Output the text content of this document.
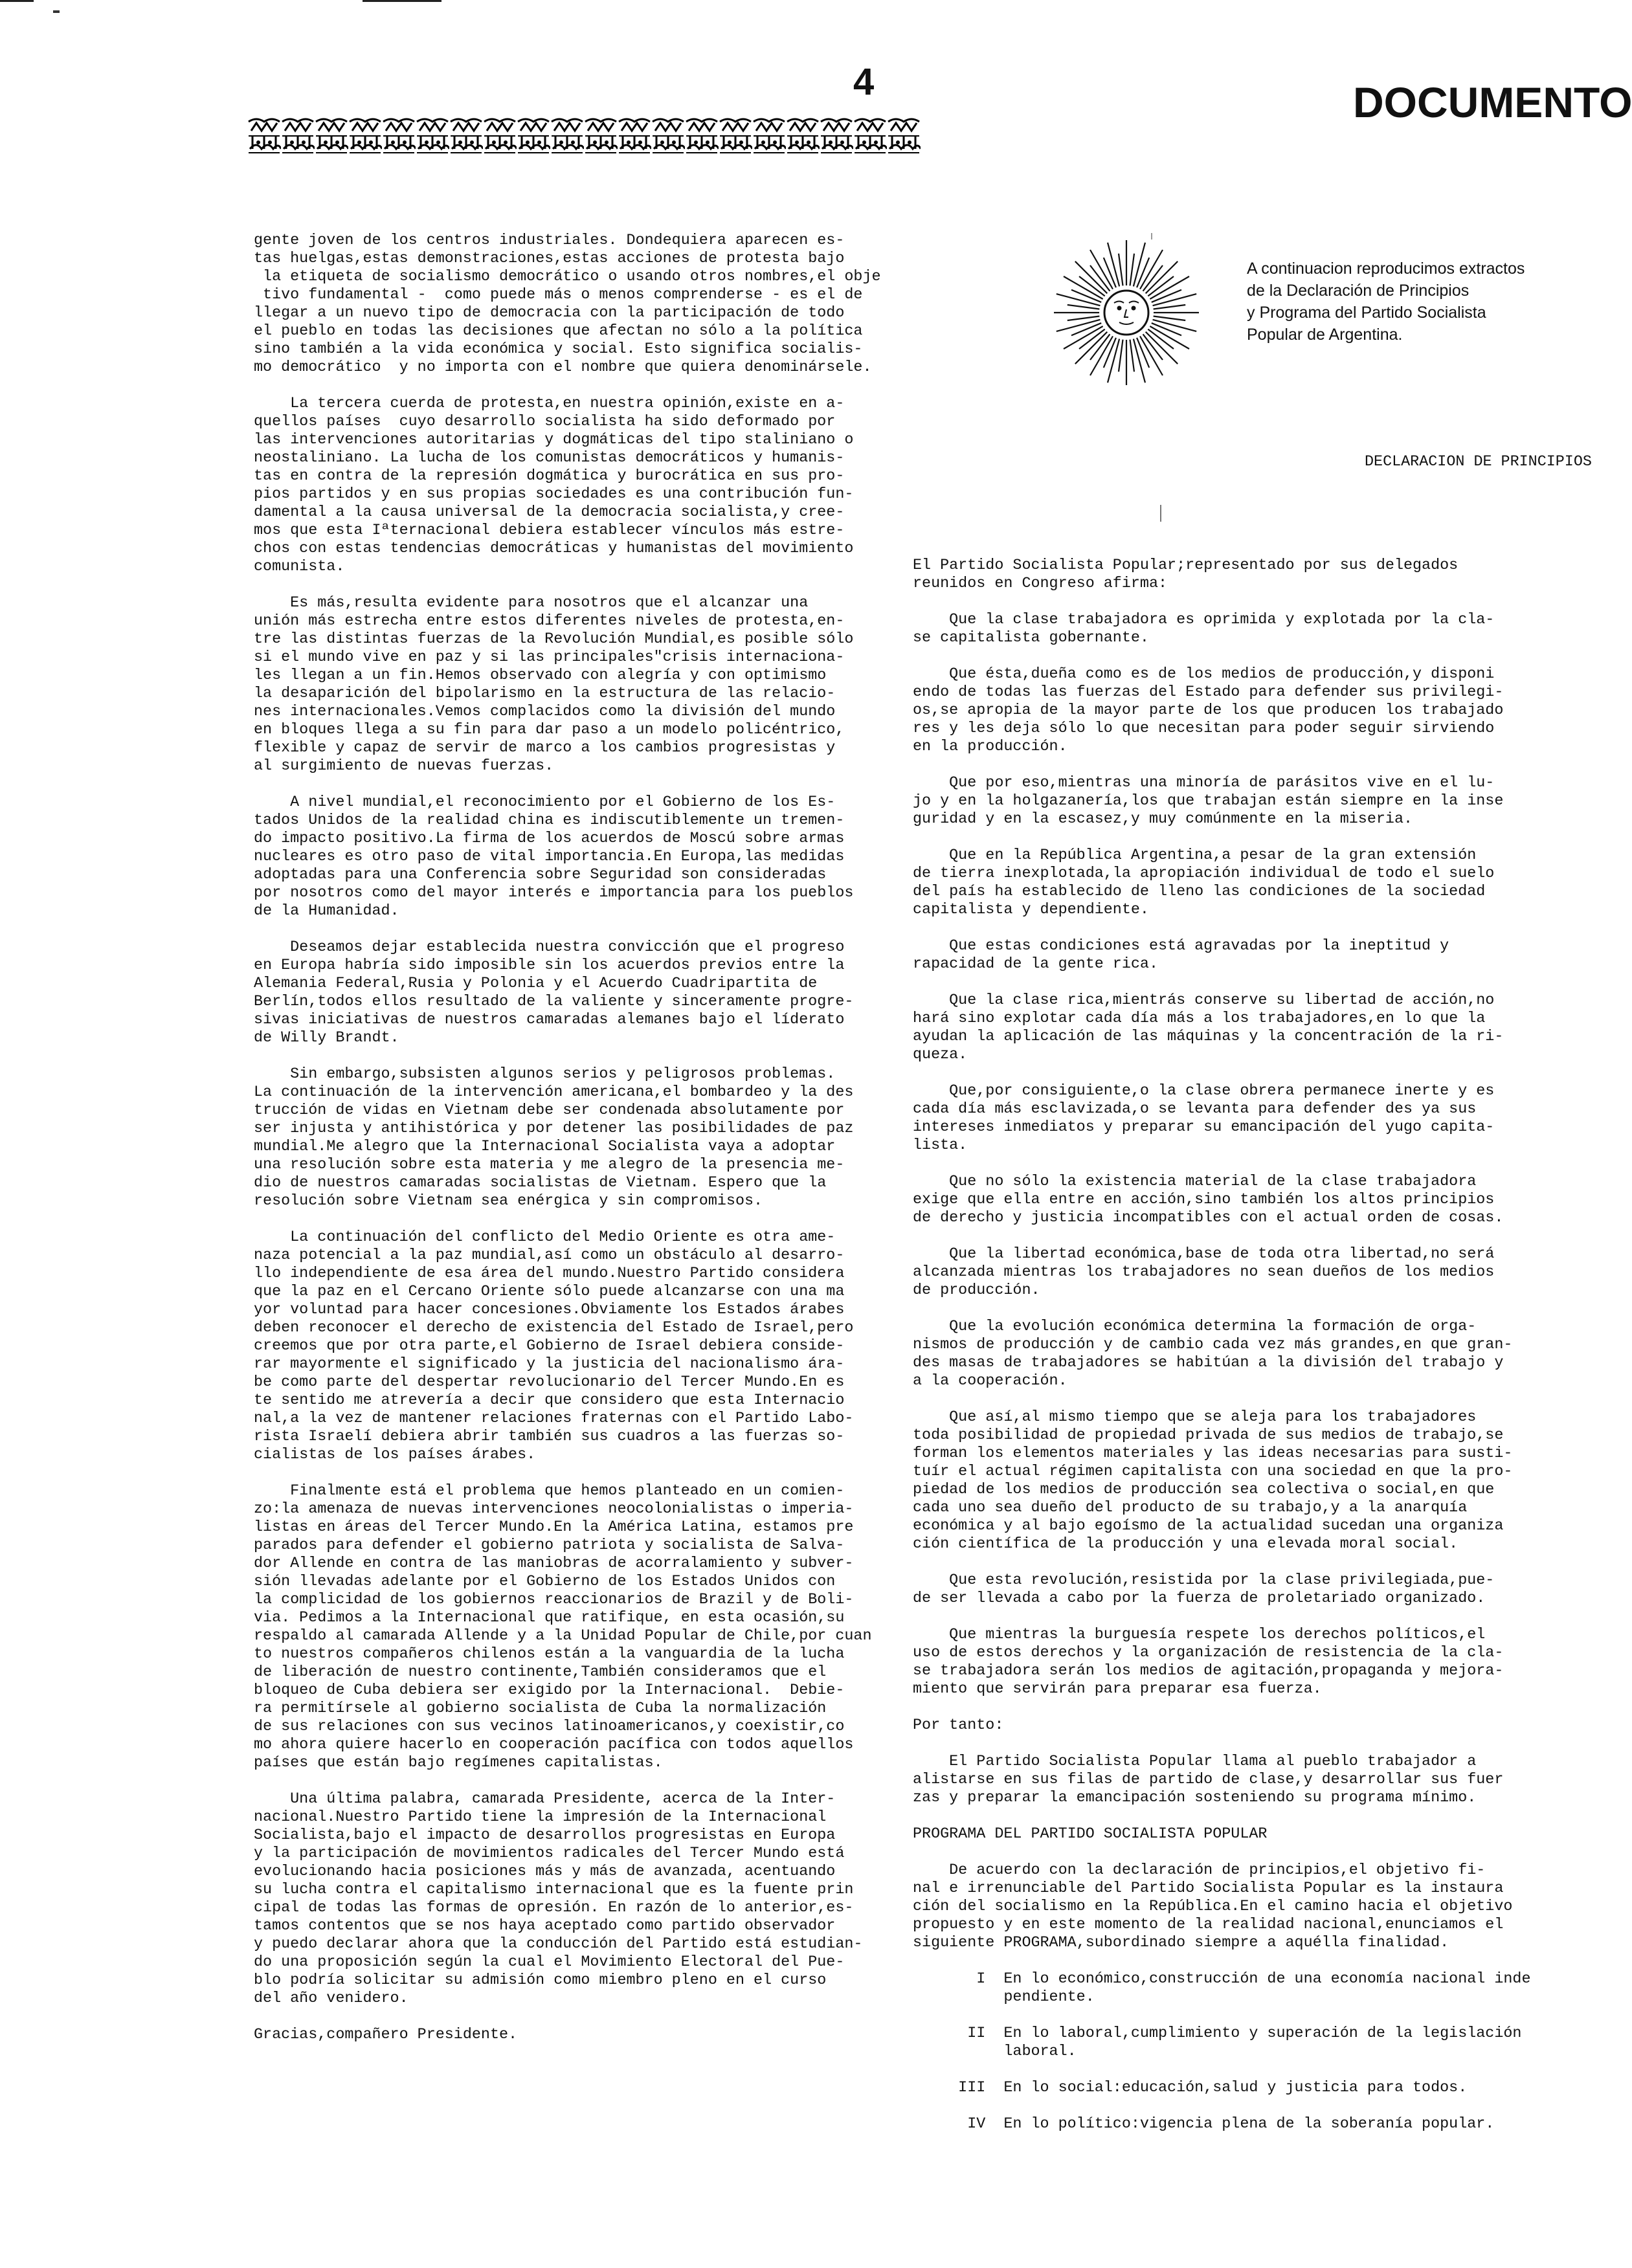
4	DOCUMENTO

gente joven de los centros industriales. Dondequiera aparecen es-
tas huelgas,estas demonstraciones,estas acciones de protesta bajo
la etiqueta de socialismo democrático o usando otros nombres,el obje
tivo fundamental -  como puede más o menos comprenderse - es el de
llegar a un nuevo tipo de democracia con la participación de todo
el pueblo en todas las decisiones que afectan no sólo a la política
sino también a la vida económica y social. Esto significa socialis-
mo democrático  y no importa con el nombre que quiera denominársele.

La tercera cuerda de protesta,en nuestra opinión,existe en a-
quellos países  cuyo desarrollo socialista ha sido deformado por
las intervenciones autoritarias y dogmáticas del tipo staliniano o
neostaliniano. La lucha de los comunistas democráticos y humanis-
tas en contra de la represión dogmática y burocrática en sus pro-
pios partidos y en sus propias sociedades es una contribución fun-
damental a la causa universal de la democracia socialista,y cree-
mos que esta Iªternacional debiera establecer vínculos más estre-
chos con estas tendencias democráticas y humanistas del movimiento
comunista.

Es más,resulta evidente para nosotros que el alcanzar una
unión más estrecha entre estos diferentes niveles de protesta,en-
tre las distintas fuerzas de la Revolución Mundial,es posible sólo
si el mundo vive en paz y si las principales"crisis internaciona-
les llegan a un fin.Hemos observado con alegría y con optimismo
la desaparición del bipolarismo en la estructura de las relacio-
nes internacionales.Vemos complacidos como la división del mundo
en bloques llega a su fin para dar paso a un modelo policéntrico,
flexible y capaz de servir de marco a los cambios progresistas y
al surgimiento de nuevas fuerzas.

A nivel mundial,el reconocimiento por el Gobierno de los Es-
tados Unidos de la realidad china es indiscutiblemente un tremen-
do impacto positivo.La firma de los acuerdos de Moscú sobre armas
nucleares es otro paso de vital importancia.En Europa,las medidas
adoptadas para una Conferencia sobre Seguridad son consideradas
por nosotros como del mayor interés e importancia para los pueblos
de la Humanidad.

Deseamos dejar establecida nuestra convicción que el progreso
en Europa habría sido imposible sin los acuerdos previos entre la
Alemania Federal,Rusia y Polonia y el Acuerdo Cuadripartita de
Berlín,todos ellos resultado de la valiente y sinceramente progre-
sivas iniciativas de nuestros camaradas alemanes bajo el líderato
de Willy Brandt.

Sin embargo,subsisten algunos serios y peligrosos problemas.
La continuación de la intervención americana,el bombardeo y la des
trucción de vidas en Vietnam debe ser condenada absolutamente por
ser injusta y antihistórica y por detener las posibilidades de paz
mundial.Me alegro que la Internacional Socialista vaya a adoptar
una resolución sobre esta materia y me alegro de la presencia me-
dio de nuestros camaradas socialistas de Vietnam. Espero que la
resolución sobre Vietnam sea enérgica y sin compromisos.

La continuación del conflicto del Medio Oriente es otra ame-
naza potencial a la paz mundial,así como un obstáculo al desarro-
llo independiente de esa área del mundo.Nuestro Partido considera
que la paz en el Cercano Oriente sólo puede alcanzarse con una ma
yor voluntad para hacer concesiones.Obviamente los Estados árabes
deben reconocer el derecho de existencia del Estado de Israel,pero
creemos que por otra parte,el Gobierno de Israel debiera conside-
rar mayormente el significado y la justicia del nacionalismo ára-
be como parte del despertar revolucionario del Tercer Mundo.En es
te sentido me atrevería a decir que considero que esta Internacio
nal,a la vez de mantener relaciones fraternas con el Partido Labo-
rista Israelí debiera abrir también sus cuadros a las fuerzas so-
cialistas de los países árabes.

Finalmente está el problema que hemos planteado en un comien-
zo:la amenaza de nuevas intervenciones neocolonialistas o imperia-
listas en áreas del Tercer Mundo.En la América Latina, estamos pre
parados para defender el gobierno patriota y socialista de Salva-
dor Allende en contra de las maniobras de acorralamiento y subver-
sión llevadas adelante por el Gobierno de los Estados Unidos con
la complicidad de los gobiernos reaccionarios de Brazil y de Boli-
via. Pedimos a la Internacional que ratifique, en esta ocasión,su
respaldo al camarada Allende y a la Unidad Popular de Chile,por cuan
to nuestros compañeros chilenos están a la vanguardia de la lucha
de liberación de nuestro continente,También consideramos que el
bloqueo de Cuba debiera ser exigido por la Internacional.  Debie-
ra permitírsele al gobierno socialista de Cuba la normalización
de sus relaciones con sus vecinos latinoamericanos,y coexistir,co
mo ahora quiere hacerlo en cooperación pacífica con todos aquellos
países que están bajo regímenes capitalistas.

Una última palabra, camarada Presidente, acerca de la Inter-
nacional.Nuestro Partido tiene la impresión de la Internacional
Socialista,bajo el impacto de desarrollos progresistas en Europa
y la participación de movimientos radicales del Tercer Mundo está
evolucionando hacia posiciones más y más de avanzada, acentuando
su lucha contra el capitalismo internacional que es la fuente prin
cipal de todas las formas de opresión. En razón de lo anterior,es-
tamos contentos que se nos haya aceptado como partido observador
y puedo declarar ahora que la conducción del Partido está estudian-
do una proposición según la cual el Movimiento Electoral del Pue-
blo podría solicitar su admisión como miembro pleno en el curso
del año venidero.

Gracias,compañero Presidente.

A continuacion reproducimos extractos
de la Declaración de Principios
y Programa del Partido Socialista
Popular de Argentina.
DECLARACION DE PRINCIPIOS

El Partido Socialista Popular;representado por sus delegados
reunidos en Congreso afirma:

Que la clase trabajadora es oprimida y explotada por la cla-
se capitalista gobernante.

Que ésta,dueña como es de los medios de producción,y disponi
endo de todas las fuerzas del Estado para defender sus privilegi-
os,se apropia de la mayor parte de los que producen los trabajado
res y les deja sólo lo que necesitan para poder seguir sirviendo
en la producción.

Que por eso,mientras una minoría de parásitos vive en el lu-
jo y en la holgazanería,los que trabajan están siempre en la inse
guridad y en la escasez,y muy comúnmente en la miseria.

Que en la República Argentina,a pesar de la gran extensión
de tierra inexplotada,la apropiación individual de todo el suelo
del país ha establecido de lleno las condiciones de la sociedad
capitalista y dependiente.

Que estas condiciones está agravadas por la ineptitud y
rapacidad de la gente rica.

Que la clase rica,mientrás conserve su libertad de acción,no
hará sino explotar cada día más a los trabajadores,en lo que la
ayudan la aplicación de las máquinas y la concentración de la ri-
queza.

Que,por consiguiente,o la clase obrera permanece inerte y es
cada día más esclavizada,o se levanta para defender des ya sus
intereses inmediatos y preparar su emancipación del yugo capita-
lista.

Que no sólo la existencia material de la clase trabajadora
exige que ella entre en acción,sino también los altos principios
de derecho y justicia incompatibles con el actual orden de cosas.

Que la libertad económica,base de toda otra libertad,no será
alcanzada mientras los trabajadores no sean dueños de los medios
de producción.

Que la evolución económica determina la formación de orga-
nismos de producción y de cambio cada vez más grandes,en que gran-
des masas de trabajadores se habitúan a la división del trabajo y
a la cooperación.

Que así,al mismo tiempo que se aleja para los trabajadores
toda posibilidad de propiedad privada de sus medios de trabajo,se
forman los elementos materiales y las ideas necesarias para susti-
tuír el actual régimen capitalista con una sociedad en que la pro-
piedad de los medios de producción sea colectiva o social,en que
cada uno sea dueño del producto de su trabajo,y a la anarquía
económica y al bajo egoísmo de la actualidad sucedan una organiza
ción científica de la producción y una elevada moral social.

Que esta revolución,resistida por la clase privilegiada,pue-
de ser llevada a cabo por la fuerza de proletariado organizado.

Que mientras la burguesía respete los derechos políticos,el
uso de estos derechos y la organización de resistencia de la cla-
se trabajadora serán los medios de agitación,propaganda y mejora-
miento que servirán para preparar esa fuerza.

Por tanto:

El Partido Socialista Popular llama al pueblo trabajador a
alistarse en sus filas de partido de clase,y desarrollar sus fuer
zas y preparar la emancipación sosteniendo su programa mínimo.

PROGRAMA DEL PARTIDO SOCIALISTA POPULAR

De acuerdo con la declaración de principios,el objetivo fi-
nal e irrenunciable del Partido Socialista Popular es la instaura
ción del socialismo en la República.En el camino hacia el objetivo
propuesto y en este momento de la realidad nacional,enunciamos el
siguiente PROGRAMA,subordinado siempre a aquélla finalidad.

I  En lo económico,construcción de una economía nacional inde
pendiente.

II  En lo laboral,cumplimiento y superación de la legislación
laboral.

III  En lo social:educación,salud y justicia para todos.

IV  En lo político:vigencia plena de la soberanía popular.
